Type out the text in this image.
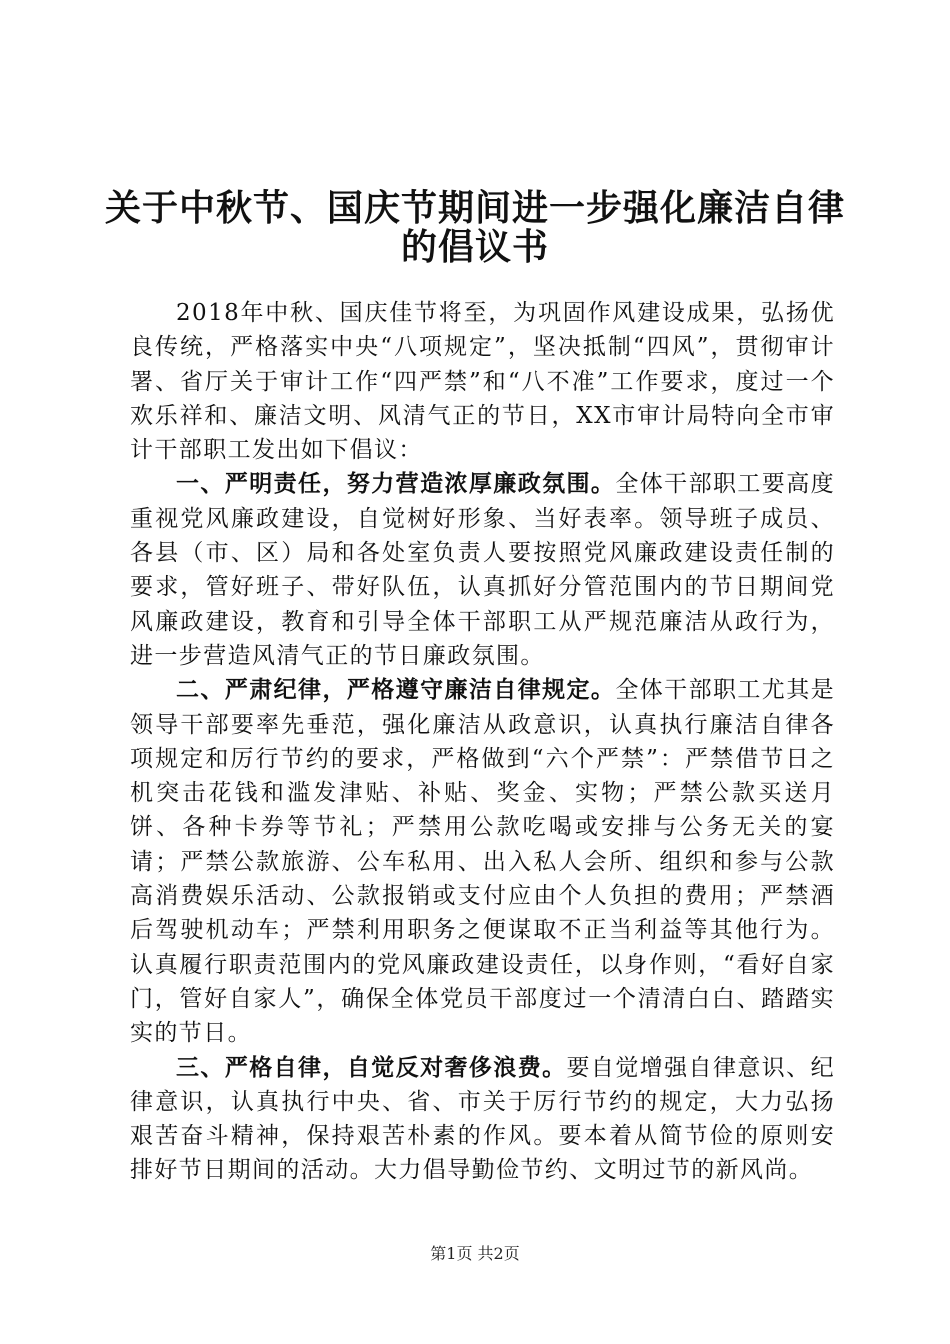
关于中秋节、国庆节期间进一步强化廉洁自律
的倡议书

2018年中秋、国庆佳节将至，为巩固作风建设成果，弘扬优良传统，严格落实中央“八项规定”，坚决抵制“四风”，贯彻审计署、省厅关于审计工作“四严禁”和“八不准”工作要求，度过一个欢乐祥和、廉洁文明、风清气正的节日，XX市审计局特向全市审计干部职工发出如下倡议：

一、严明责任，努力营造浓厚廉政氛围。全体干部职工要高度重视党风廉政建设，自觉树好形象、当好表率。领导班子成员、各县（市、区）局和各处室负责人要按照党风廉政建设责任制的要求，管好班子、带好队伍，认真抓好分管范围内的节日期间党风廉政建设，教育和引导全体干部职工从严规范廉洁从政行为，进一步营造风清气正的节日廉政氛围。

二、严肃纪律，严格遵守廉洁自律规定。全体干部职工尤其是领导干部要率先垂范，强化廉洁从政意识，认真执行廉洁自律各项规定和厉行节约的要求，严格做到“六个严禁”：严禁借节日之机突击花钱和滥发津贴、补贴、奖金、实物；严禁公款买送月饼、各种卡券等节礼；严禁用公款吃喝或安排与公务无关的宴请；严禁公款旅游、公车私用、出入私人会所、组织和参与公款高消费娱乐活动、公款报销或支付应由个人负担的费用；严禁酒后驾驶机动车；严禁利用职务之便谋取不正当利益等其他行为。认真履行职责范围内的党风廉政建设责任，以身作则，“看好自家门，管好自家人”，确保全体党员干部度过一个清清白白、踏踏实实的节日。

三、严格自律，自觉反对奢侈浪费。要自觉增强自律意识、纪律意识，认真执行中央、省、市关于厉行节约的规定，大力弘扬艰苦奋斗精神，保持艰苦朴素的作风。要本着从简节俭的原则安排好节日期间的活动。大力倡导勤俭节约、文明过节的新风尚。

第1页 共2页
